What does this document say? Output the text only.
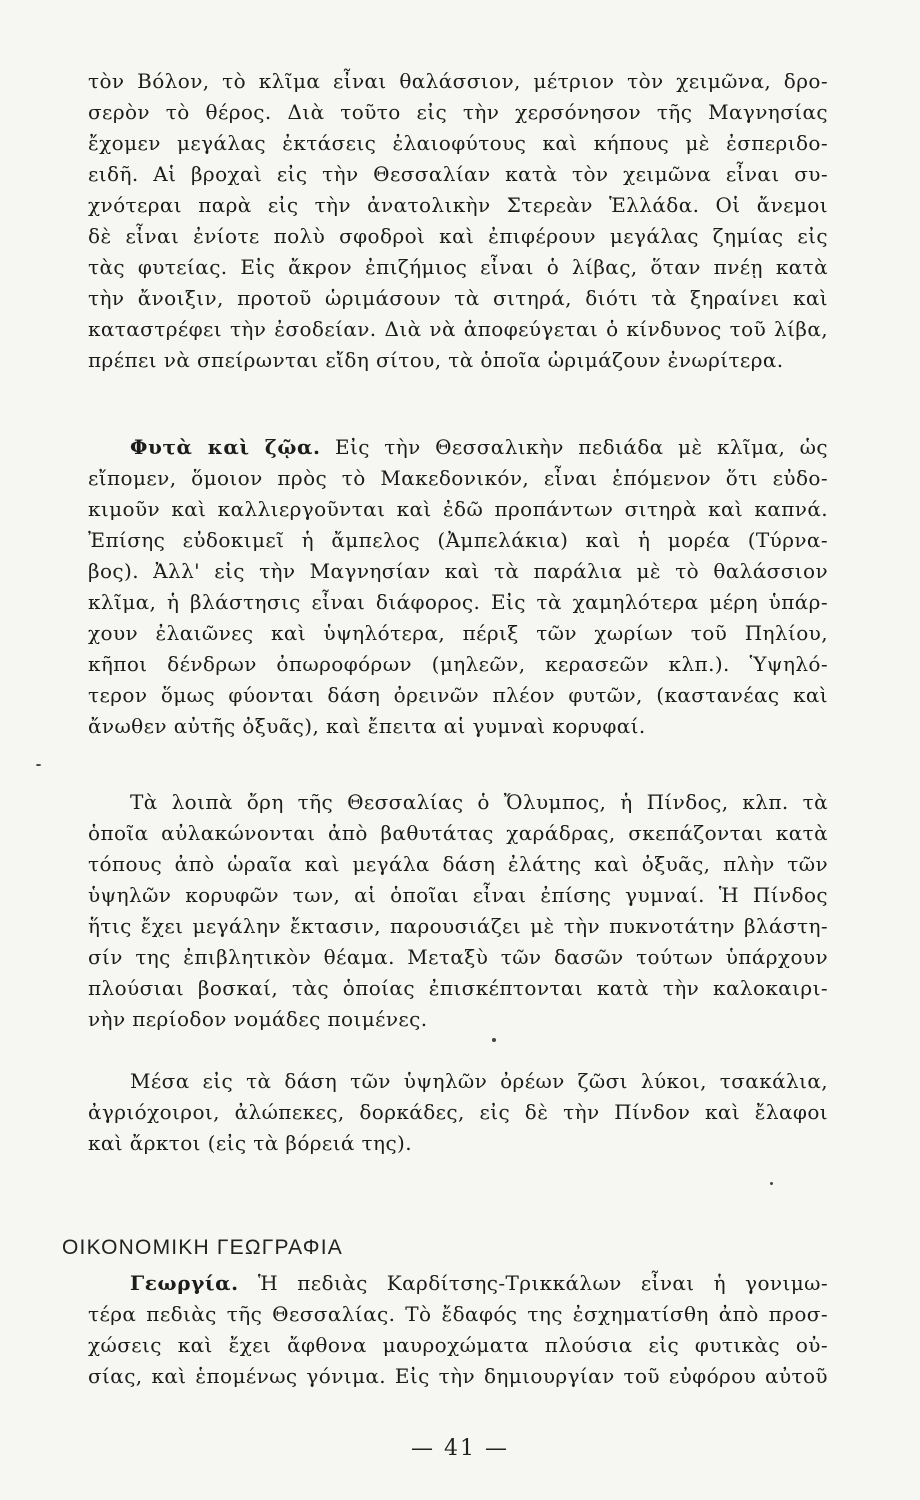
τὸν Βόλον, τὸ κλῖμα εἶναι θαλάσσιον, μέτριον τὸν χειμῶνα, δρο-
σερὸν τὸ θέρος. Διὰ τοῦτο εἰς τὴν χερσόνησον τῆς Μαγνησίας
ἔχομεν μεγάλας ἐκτάσεις ἐλαιοφύτους καὶ κήπους μὲ ἐσπεριδο-
ειδῆ. Αἱ βροχαὶ εἰς τὴν Θεσσαλίαν κατὰ τὸν χειμῶνα εἶναι συ-
χνότεραι παρὰ εἰς τὴν ἀνατολικὴν Στερεὰν Ἑλλάδα. Οἱ ἄνεμοι
δὲ εἶναι ἐνίοτε πολὺ σφοδροὶ καὶ ἐπιφέρουν μεγάλας ζημίας εἰς
τὰς φυτείας. Εἰς ἄκρον ἐπιζήμιος εἶναι ὁ λίβας, ὅταν πνέῃ κατὰ
τὴν ἄνοιξιν, προτοῦ ὡριμάσουν τὰ σιτηρά, διότι τὰ ξηραίνει καὶ
καταστρέφει τὴν ἐσοδείαν. Διὰ νὰ ἀποφεύγεται ὁ κίνδυνος τοῦ λίβα,
πρέπει νὰ σπείρωνται εἴδη σίτου, τὰ ὁποῖα ὡριμάζουν ἐνωρίτερα.
Φυτὰ καὶ ζῷα. Εἰς τὴν Θεσσαλικὴν πεδιάδα μὲ κλῖμα, ὡς
εἴπομεν, ὅμοιον πρὸς τὸ Μακεδονικόν, εἶναι ἑπόμενον ὅτι εὐδο-
κιμοῦν καὶ καλλιεργοῦνται καὶ ἐδῶ προπάντων σιτηρὰ καὶ καπνά.
Ἐπίσης εὐδοκιμεῖ ἡ ἄμπελος (Ἀμπελάκια) καὶ ἡ μορέα (Τύρνα-
βος). Ἀλλ' εἰς τὴν Μαγνησίαν καὶ τὰ παράλια μὲ τὸ θαλάσσιον
κλῖμα, ἡ βλάστησις εἶναι διάφορος. Εἰς τὰ χαμηλότερα μέρη ὑπάρ-
χουν ἐλαιῶνες καὶ ὑψηλότερα, πέριξ τῶν χωρίων τοῦ Πηλίου,
κῆποι δένδρων ὀπωροφόρων (μηλεῶν, κερασεῶν κλπ.). Ὑψηλό-
τερον ὅμως φύονται δάση ὀρεινῶν πλέον φυτῶν, (καστανέας καὶ
ἄνωθεν αὐτῆς ὀξυᾶς), καὶ ἔπειτα αἱ γυμναὶ κορυφαί.
Τὰ λοιπὰ ὄρη τῆς Θεσσαλίας ὁ Ὄλυμπος, ἡ Πίνδος, κλπ. τὰ
ὁποῖα αὐλακώνονται ἀπὸ βαθυτάτας χαράδρας, σκεπάζονται κατὰ
τόπους ἀπὸ ὡραῖα καὶ μεγάλα δάση ἐλάτης καὶ ὀξυᾶς, πλὴν τῶν
ὑψηλῶν κορυφῶν των, αἱ ὁποῖαι εἶναι ἐπίσης γυμναί. Ἡ Πίνδος
ἥτις ἔχει μεγάλην ἔκτασιν, παρουσιάζει μὲ τὴν πυκνοτάτην βλάστη-
σίν της ἐπιβλητικὸν θέαμα. Μεταξὺ τῶν δασῶν τούτων ὑπάρχουν
πλούσιαι βοσκαί, τὰς ὁποίας ἐπισκέπτονται κατὰ τὴν καλοκαιρι-
νὴν περίοδον νομάδες ποιμένες.
Μέσα εἰς τὰ δάση τῶν ὑψηλῶν ὀρέων ζῶσι λύκοι, τσακάλια,
ἀγριόχοιροι, ἀλώπεκες, δορκάδες, εἰς δὲ τὴν Πίνδον καὶ ἔλαφοι
καὶ ἄρκτοι (εἰς τὰ βόρειά της).
ΟΙΚΟΝΟΜΙΚΗ ΓΕΩΓΡΑΦΙΑ
Γεωργία. Ἡ πεδιὰς Καρδίτσης-Τρικκάλων εἶναι ἡ γονιμω-
τέρα πεδιὰς τῆς Θεσσαλίας. Τὸ ἔδαφός της ἐσχηματίσθη ἀπὸ προσ-
χώσεις καὶ ἔχει ἄφθονα μαυροχώματα πλούσια εἰς φυτικὰς οὐ-
σίας, καὶ ἑπομένως γόνιμα. Εἰς τὴν δημιουργίαν τοῦ εὐφόρου αὐτοῦ
— 41 —
